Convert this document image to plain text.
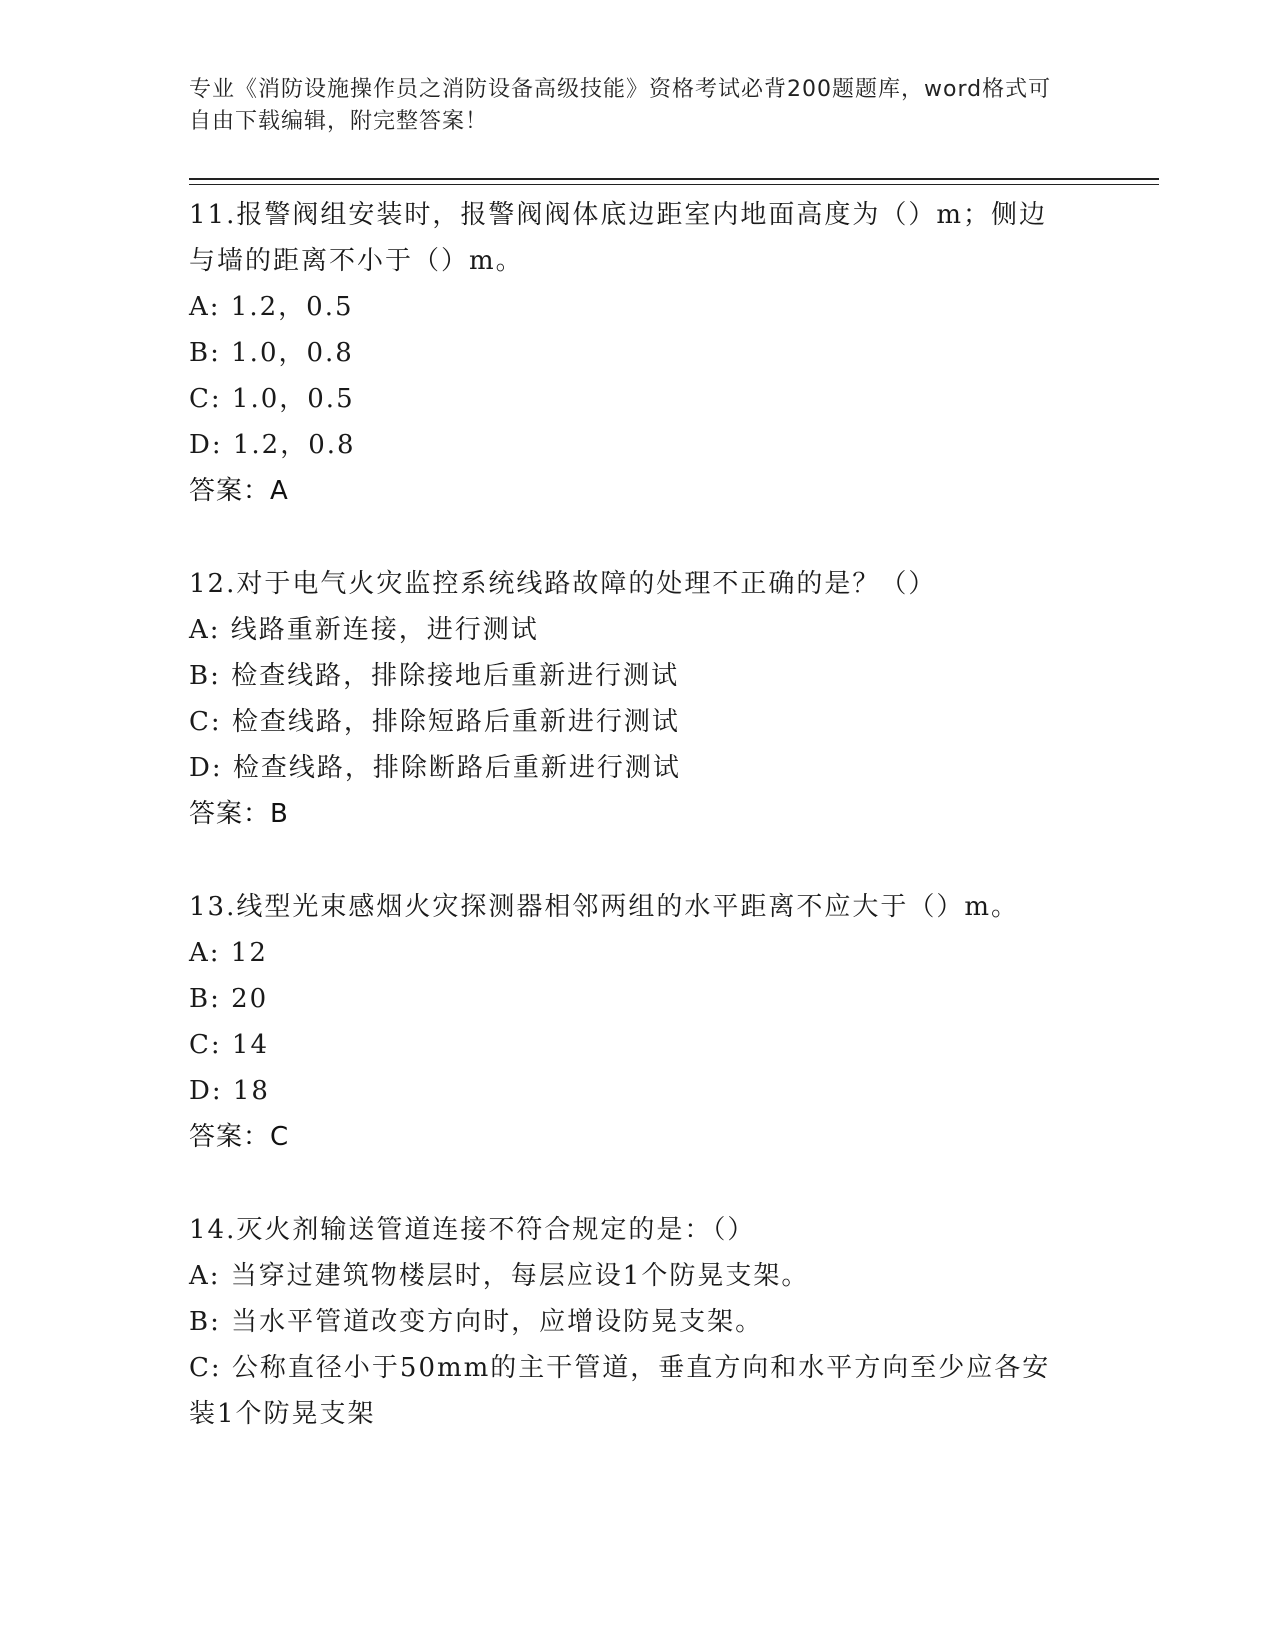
专业《消防设施操作员之消防设备高级技能》资格考试必背200题题库，word格式可自由下载编辑，附完整答案！
11.报警阀组安装时，报警阀阀体底边距室内地面高度为（）m；侧边与墙的距离不小于（）m。
A: 1.2，0.5
B: 1.0，0.8
C: 1.0，0.5
D: 1.2，0.8
答案：A
12.对于电气火灾监控系统线路故障的处理不正确的是？（）
A: 线路重新连接，进行测试
B: 检查线路，排除接地后重新进行测试
C: 检查线路，排除短路后重新进行测试
D: 检查线路，排除断路后重新进行测试
答案：B
13.线型光束感烟火灾探测器相邻两组的水平距离不应大于（）m。
A: 12
B: 20
C: 14
D: 18
答案：C
14.灭火剂输送管道连接不符合规定的是：（）
A: 当穿过建筑物楼层时，每层应设1个防晃支架。
B: 当水平管道改变方向时，应增设防晃支架。
C: 公称直径小于50mm的主干管道，垂直方向和水平方向至少应各安装1个防晃支架
